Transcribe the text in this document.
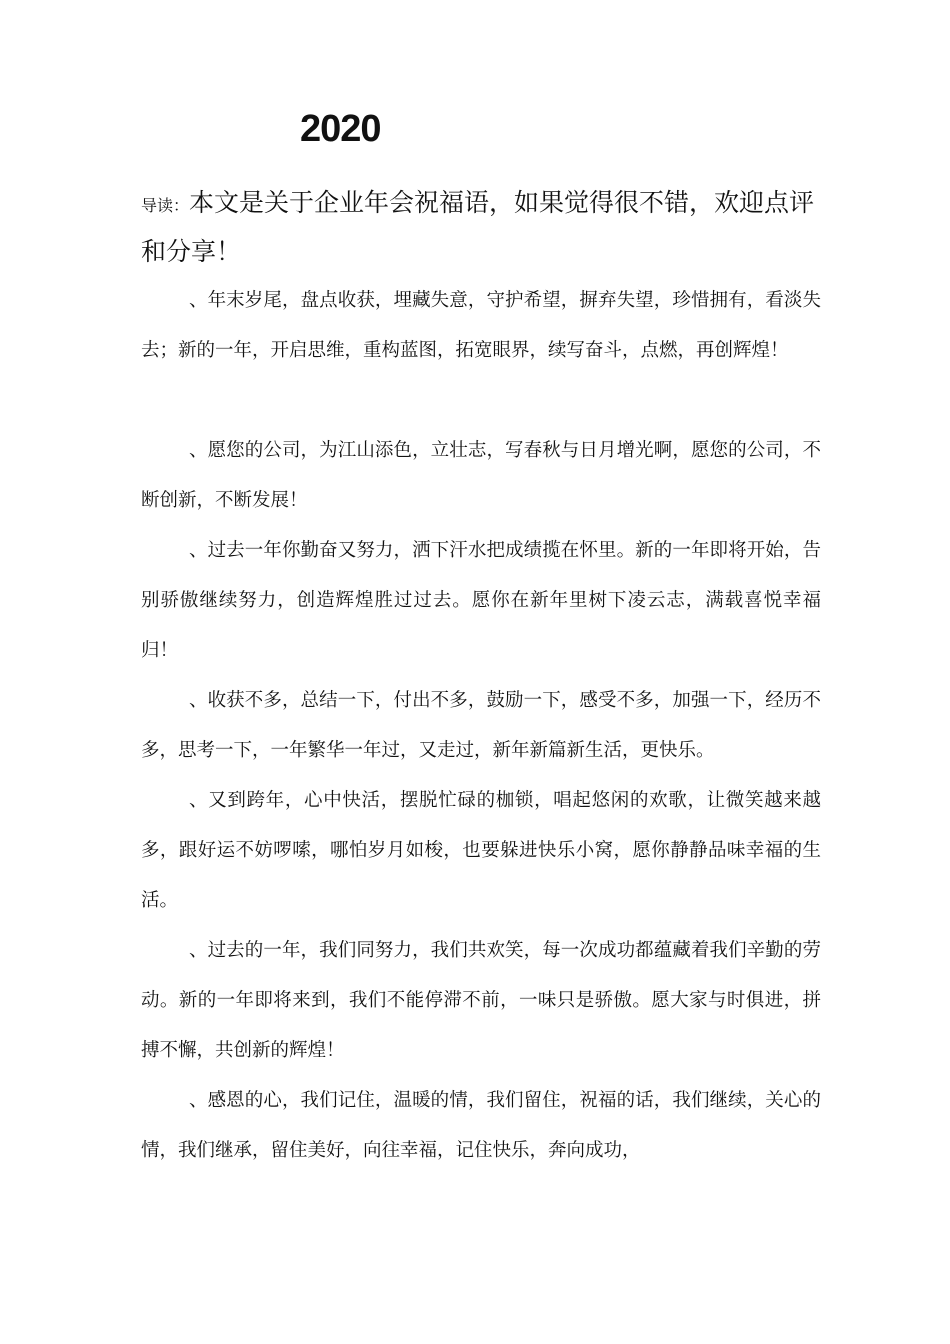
2020
导读：本文是关于企业年会祝福语，如果觉得很不错，欢迎点评和分享！

、年末岁尾，盘点收获，埋藏失意，守护希望，摒弃失望，珍惜拥有，看淡失去；新的一年，开启思维，重构蓝图，拓宽眼界，续写奋斗，点燃，再创辉煌！

、愿您的公司，为江山添色，立壮志，写春秋与日月增光啊，愿您的公司，不断创新，不断发展！

、过去一年你勤奋又努力，洒下汗水把成绩揽在怀里。新的一年即将开始，告别骄傲继续努力，创造辉煌胜过过去。愿你在新年里树下凌云志，满载喜悦幸福归！

、收获不多，总结一下，付出不多，鼓励一下，感受不多，加强一下，经历不多，思考一下，一年繁华一年过，又走过，新年新篇新生活，更快乐。

、又到跨年，心中快活，摆脱忙碌的枷锁，唱起悠闲的欢歌，让微笑越来越多，跟好运不妨啰嗦，哪怕岁月如梭，也要躲进快乐小窝，愿你静静品味幸福的生活。

、过去的一年，我们同努力，我们共欢笑，每一次成功都蕴藏着我们辛勤的劳动。新的一年即将来到，我们不能停滞不前，一味只是骄傲。愿大家与时俱进，拼搏不懈，共创新的辉煌！

、感恩的心，我们记住，温暖的情，我们留住，祝福的话，我们继续，关心的情，我们继承，留住美好，向往幸福，记住快乐，奔向成功，
